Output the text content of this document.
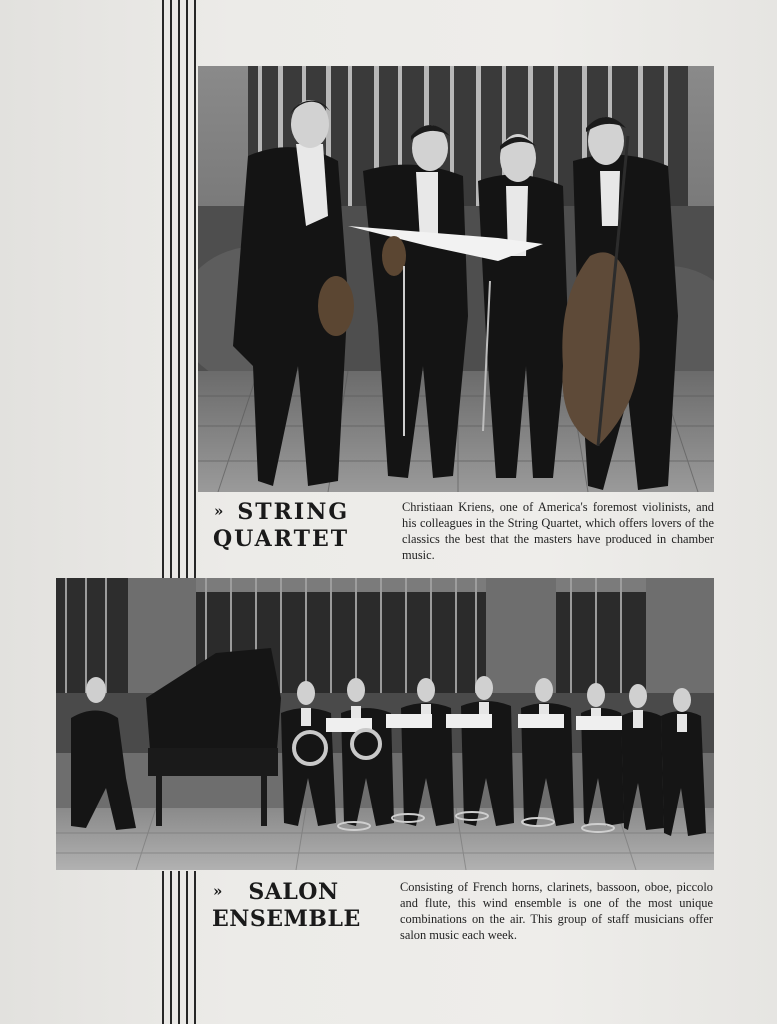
» STRING
QUARTET
Christiaan Kriens, one of America's foremost violinists, and his colleagues in the String Quartet, which offers lovers of the classics the best that the masters have produced in chamber music.
» SALON
ENSEMBLE
Consisting of French horns, clarinets, bassoon, oboe, piccolo and flute, this wind ensemble is one of the most unique combinations on the air. This group of staff musicians offer salon music each week.
